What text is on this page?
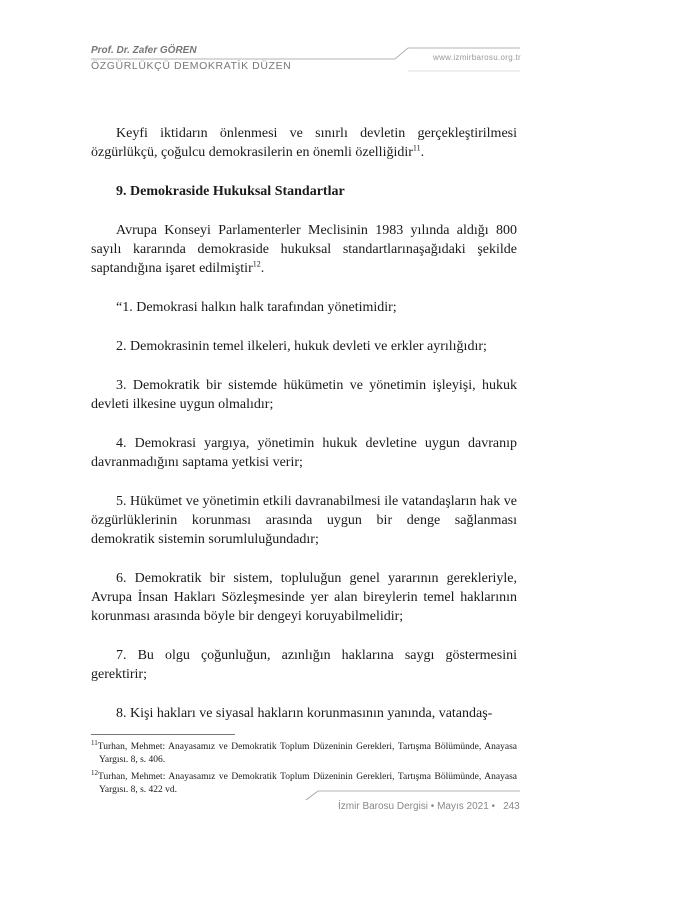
Prof. Dr. Zafer GÖREN
ÖZGÜRLÜKÇÜ DEMOKRATİK DÜZEN
www.izmirbarosu.org.tr

Keyfi iktidarın önlenmesi ve sınırlı devletin gerçekleştirilmesi özgürlükçü, çoğulcu demokrasilerin en önemli özelliğidir$^{11}$.

9. Demokraside Hukuksal Standartlar

Avrupa Konseyi Parlamenterler Meclisinin 1983 yılında aldığı 800 sayılı kararında demokraside hukuksal standartlarınaşağıdaki şekilde saptandığına işaret edilmiştir$^{12}$.

“1. Demokrasi halkın halk tarafından yönetimidir;

2. Demokrasinin temel ilkeleri, hukuk devleti ve erkler ayrılığıdır;

3. Demokratik bir sistemde hükümetin ve yönetimin işleyişi, hukuk devleti ilkesine uygun olmalıdır;

4. Demokrasi yargıya, yönetimin hukuk devletine uygun davranıp davranmadığını saptama yetkisi verir;

5. Hükümet ve yönetimin etkili davranabilmesi ile vatandaşların hak ve özgürlüklerinin korunması arasında uygun bir denge sağlanması demokratik sistemin sorumluluğundadır;

6. Demokratik bir sistem, topluluğun genel yararının gerekleriyle, Avrupa İnsan Hakları Sözleşmesinde yer alan bireylerin temel haklarının korunması arasında böyle bir dengeyi koruyabilmelidir;

7. Bu olgu çoğunluğun, azınlığın haklarına saygı göstermesini gerektirir;

8. Kişi hakları ve siyasal hakların korunmasının yanında, vatandaş-

$^{11}$Turhan, Mehmet: Anayasamız ve Demokratik Toplum Düzeninin Gerekleri, Tartışma Bölümünde, Anayasa Yargısı. 8, s. 406.

$^{12}$Turhan, Mehmet: Anayasamız ve Demokratik Toplum Düzeninin Gerekleri, Tartışma Bölümünde, Anayasa Yargısı. 8, s. 422 vd.

İzmir Barosu Dergisi • Mayıs 2021 • 243
